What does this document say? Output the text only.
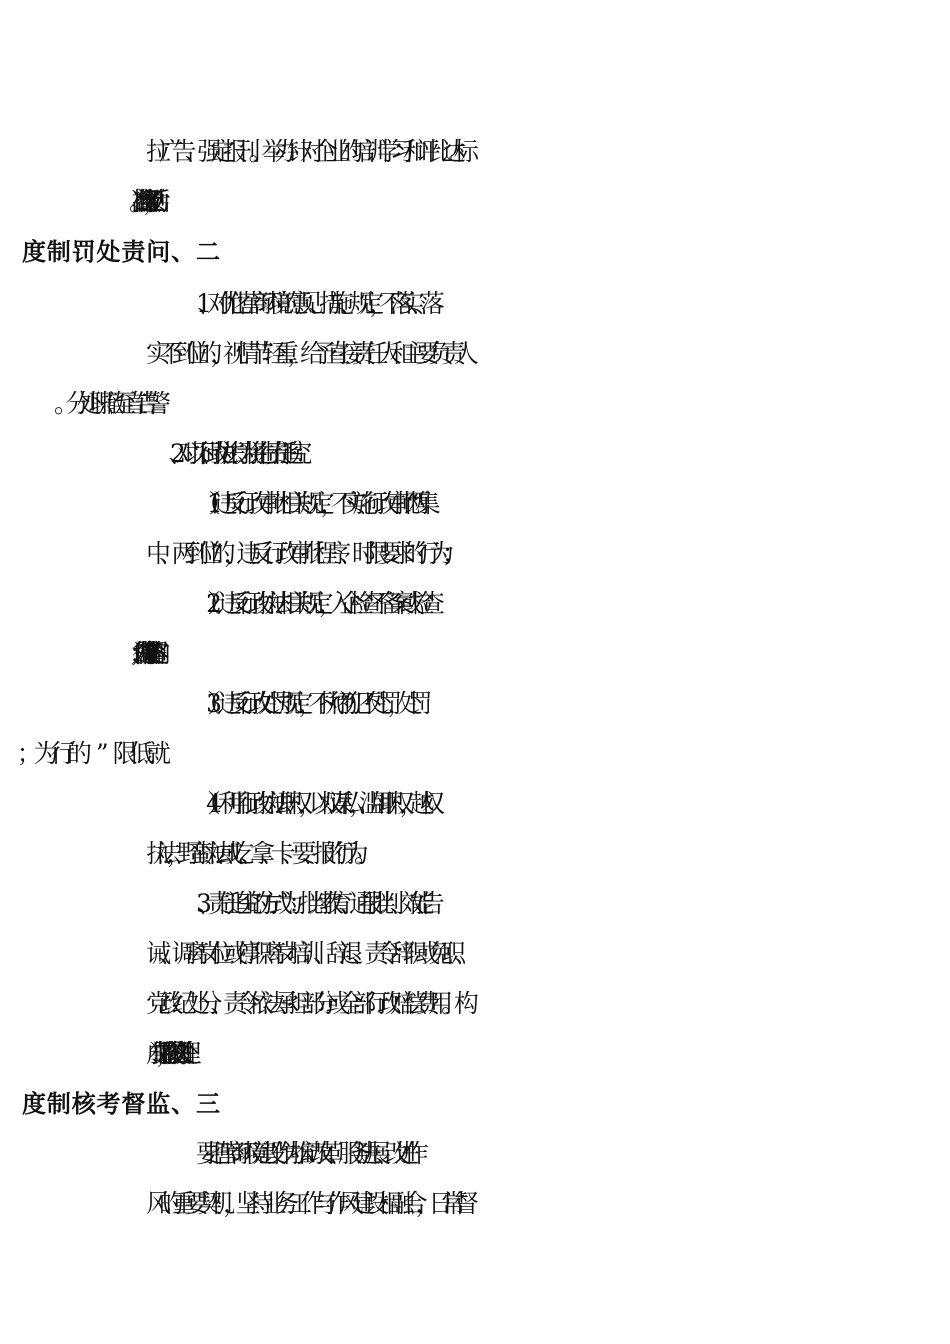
拉广告、强定报刊。举办针对企业的培训学习和评比达标
1、对优化营商环境的意见、措施、规定，不落实、落
实不到位的，视情节轻重，给予直接责任人和主要负责人
2、对以下行政执法行为将进行责任追究：
（1） 违反行政审批相关规定，不实施行政审批“两集
中、两到位”的，违反行政审批程序、时限要求的行为；
（2）违反行政执法相关规定，入企检查不备案或检查
（3）违反行政处罚规定，不执行“初犯不处罚，处罚
（4）利用行政执法职权，以权谋私，滥用职权，越权
执法，野蛮执法或吃、拿、卡、要、报的行为。
3、责任追究的方式为：批判教育、通报批判、效能告
诫、调离岗位或停职离岗培训、辞退、责令辞职或免职、
党政纪处分、责令依法承担部分或全部行政赔偿费用。构
成犯罪的，移交司法机关处理。
要把营商环境建设作为推动改革、服务进展、改进作
风的重要契机，坚持业务工作与作风建设相融合，日常督
